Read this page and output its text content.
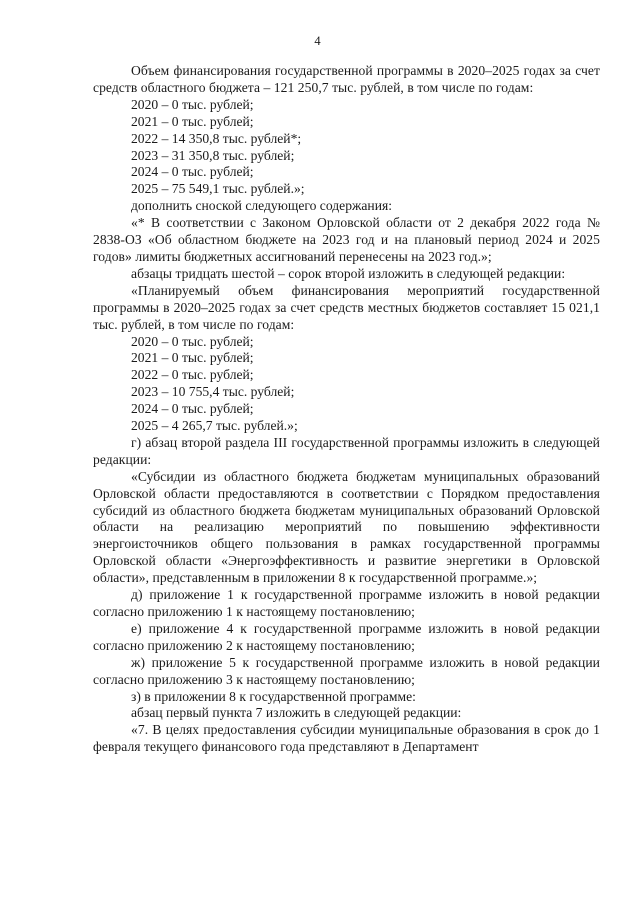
4

Объем финансирования государственной программы в 2020–2025 годах за счет средств областного бюджета – 121 250,7 тыс. рублей, в том числе по годам:

2020 – 0 тыс. рублей;

2021 – 0 тыс. рублей;

2022 – 14 350,8 тыс. рублей*;

2023 – 31 350,8 тыс. рублей;

2024 – 0 тыс. рублей;

2025 – 75 549,1 тыс. рублей.»;

дополнить сноской следующего содержания:

«* В соответствии с Законом Орловской области от 2 декабря 2022 года № 2838-ОЗ «Об областном бюджете на 2023 год и на плановый период 2024 и 2025 годов» лимиты бюджетных ассигнований перенесены на 2023 год.»;

абзацы тридцать шестой – сорок второй изложить в следующей редакции:

«Планируемый объем финансирования мероприятий государственной программы в 2020–2025 годах за счет средств местных бюджетов составляет 15 021,1 тыс. рублей, в том числе по годам:

2020 – 0 тыс. рублей;

2021 – 0 тыс. рублей;

2022 – 0 тыс. рублей;

2023 – 10 755,4 тыс. рублей;

2024 – 0 тыс. рублей;

2025 – 4 265,7 тыс. рублей.»;

г) абзац второй раздела III государственной программы изложить в следующей редакции:

«Субсидии из областного бюджета бюджетам муниципальных образований Орловской области предоставляются в соответствии с Порядком предоставления субсидий из областного бюджета бюджетам муниципальных образований Орловской области на реализацию мероприятий по повышению эффективности энергоисточников общего пользования в рамках государственной программы Орловской области «Энергоэффективность и развитие энергетики в Орловской области», представленным в приложении 8 к государственной программе.»;

д) приложение 1 к государственной программе изложить в новой редакции согласно приложению 1 к настоящему постановлению;

е) приложение 4 к государственной программе изложить в новой редакции согласно приложению 2 к настоящему постановлению;

ж) приложение 5 к государственной программе изложить в новой редакции согласно приложению 3 к настоящему постановлению;

з) в приложении 8 к государственной программе:

абзац первый пункта 7 изложить в следующей редакции:

«7. В целях предоставления субсидии муниципальные образования в срок до 1 февраля текущего финансового года представляют в Департамент
